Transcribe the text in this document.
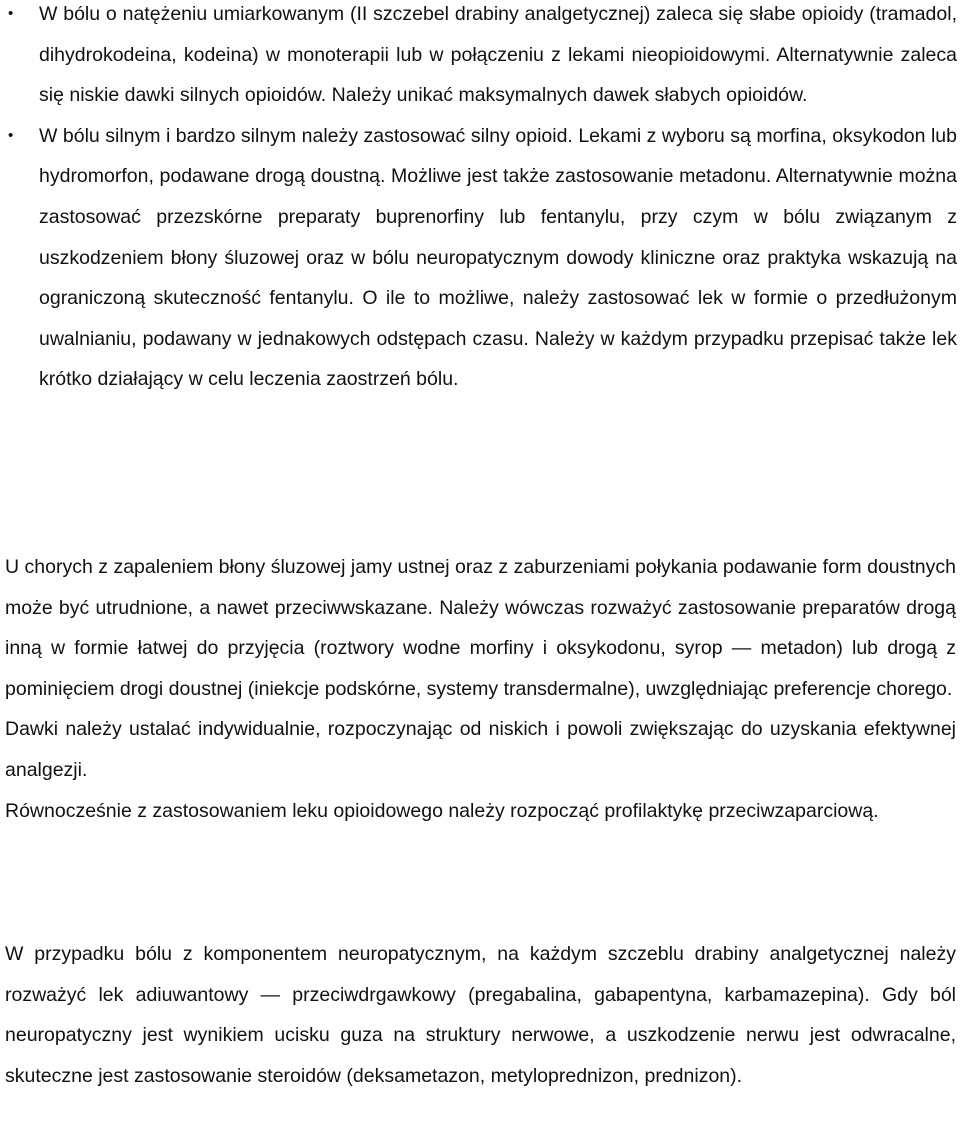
• W bólu o natężeniu umiarkowanym (II szczebel drabiny analgetycznej) zaleca się słabe opioidy (tramadol, dihydrokodeina, kodeina) w monoterapii lub w połączeniu z lekami nieopioidowymi. Alternatywnie zaleca się niskie dawki silnych opioidów. Należy unikać maksymalnych dawek słabych opioidów.
• W bólu silnym i bardzo silnym należy zastosować silny opioid. Lekami z wyboru są morfina, oksykodon lub hydromorfon, podawane drogą doustną. Możliwe jest także zastosowanie metadonu. Alternatywnie można zastosować przezskórne preparaty buprenorfiny lub fentanylu, przy czym w bólu związanym z uszkodzeniem błony śluzowej oraz w bólu neuropatycznym dowody kliniczne oraz praktyka wskazują na ograniczoną skuteczność fentanylu. O ile to możliwe, należy zastosować lek w formie o przedłużonym uwalnianiu, podawany w jednakowych odstępach czasu. Należy w każdym przypadku przepisać także lek krótko działający w celu leczenia zaostrzeń bólu.
U chorych z zapaleniem błony śluzowej jamy ustnej oraz z zaburzeniami połykania podawanie form doustnych może być utrudnione, a nawet przeciwwskazane. Należy wówczas rozważyć zastosowanie preparatów drogą inną w formie łatwej do przyjęcia (roztwory wodne morfiny i oksykodonu, syrop — metadon) lub drogą z pominięciem drogi doustnej (iniekcje podskórne, systemy transdermalne), uwzględniając preferencje chorego.
Dawki należy ustalać indywidualnie, rozpoczynając od niskich i powoli zwiększając do uzyskania efektywnej analgezji.
Równocześnie z zastosowaniem leku opioidowego należy rozpocząć profilaktykę przeciwzaparciową.
W przypadku bólu z komponentem neuropatycznym, na każdym szczeblu drabiny analgetycznej należy rozważyć lek adiuwantowy — przeciwdrgawkowy (pregabalina, gabapentyna, karbamazepina). Gdy ból neuropatyczny jest wynikiem ucisku guza na struktury nerwowe, a uszkodzenie nerwu jest odwracalne, skuteczne jest zastosowanie steroidów (deksametazon, metyloprednizon, prednizon).
